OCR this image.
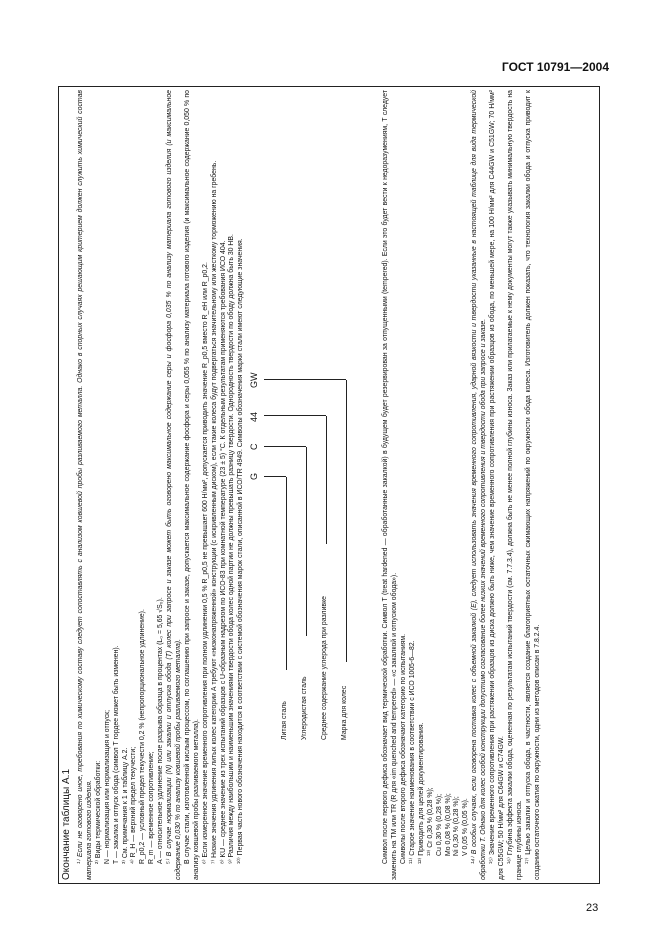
ГОСТ 10791—2004
Окончание таблицы А.1 ¹⁾ Если не оговорено иное, требования по химическому составу следует сопоставлять с анализом ковшевой пробы разливаемого металла. Однако в спорных случаях решающим критерием должен служить химический состав материала готового изделия. ²⁾ Виды термической обработки: N — нормализация или нормализация и отпуск; T — закалка и отпуск обода (символ T гордее может быть изменен). ³⁾ См. примечания к 1 и таблицу А.2. ⁴⁾ R_H — верхний предел текучести; R_p0,2 — условный предел текучести 0,2 % (непропорциональное удлинение). R_m — временное сопротивление; A — относительное удлинение после разрыва образца в процентах (L₀ = 5,65 √S₀). ⁵⁾ В случае нормализации (N) или закалки и отпуска обода (T) колес при запросе и заказе может быть оговорено максимальное содержание серы и фосфора 0,035 % по анализу материала готового изделия (и максимальное содержание 0,030 % по анализу ковшевой пробы разливаемого металла). В случае стали, изготовленной кислым процессом, по соглашению при запросе и заказе, допускается максимальное содержание фосфора и серы 0,055 % по анализу материала готового изделия (и максимальное содержание 0,050 % по анализу ковшевой пробы разливаемого металла). ⁶⁾ Если измеренное значение временного сопротивления при полном удлинении 0,5 % R_p0,5 не превышает 600 Н/мм², допускается приводить значение R_p0,5 вместо R_eH или R_p0,2. ⁷⁾ Низкие значения удлинения литых колес категории А требуют «низконапряженной» конструкции (с искривленным диском), если такие колеса будут подвергаться значительному или жесткому торможению на гребень. ⁸⁾ KU — среднее значение из трех испытаний образцов с U-образным надрезом по ИСО-83 при комнатной температуре (23 ± 5) °С. К отдельным результатам применяются требования ИСО 404. ⁹⁾ Различия между наибольшим и наименьшим значениями твердости обода колес одной партии не должны превышать разницу твердости. Однородность твердости по ободу должна быть 30 НВ. ¹⁰⁾ Первая часть нового обозначения находится в соответствии с системой обозначения марок стали, описанной в ИСО/TR 4949. Символы обозначения марки стали имеют следующие значения. G
C
44
GW
Литая сталь Углеродистая сталь Среднее содержание углерода при разливке Марка для колес	Символ после первого дефиса обозначает вид термической обработки. Символ T (treat hardened — обработанные закалкой) в будущем будет резервирован за отпущенными (tempered). Если это будет вести к недоразумениям, T следует заменить на TM или TR (R для «im quenched and tempered» — «с закалкой и отпуском обода»). Символы после второго дефиса обозначают категорию по испытаниям. ¹¹⁾ Старое значение наименования в соответствии с ИСО 1005-6—82. ¹²⁾ Приводить для целей документирования. ¹³⁾ Cr 0,30 % (0,28 %); Cu 0,30 % (0,28 %); Mo 0,08 % (0,08 %); Ni 0,30 % (0,28 %); V 0,05 % (0,05 %). ¹⁴⁾ В особых случаях, если оговорена поставка колес с объемной закалкой (E), следует использовать значения временного сопротивления, ударной вязкости и твердости указанные в настоящей таблице для вида термической обработки T. Однако для колес особой конструкции допустимо согласование более низких значений временного сопротивления и твердости обода при запросе и заказе. ¹⁵⁾ Значение временного сопротивления при растяжении образцов из диска должно быть ниже, чем значение временного сопротивления при растяжении образцов из обода, по меньшей мере, на 100 Н/мм² для C44GW и C51GW; 70 Н/мм² для C55GW; 50 Н/мм² для C64GW и C74GW. ¹⁶⁾ Глубина эффекта закалки обода, оцененная по результатам испытаний твердости (см. 7.7.3.4), должна быть не менее полной глубины износа. Заказ или прилагаемые к нему документы могут также указывать минимальную твердость на границе глубины износа. ¹⁷⁾ Целью закалки и отпуска обода, в частности, является создание благоприятных остаточных сжимающих напряжений по окружности обода колеса. Изготовитель должен показать, что технология закалки обода и отпуска приводит к созданию остаточного сжатия по окружности, одни из методов описан в 7.8.2.4.

23
